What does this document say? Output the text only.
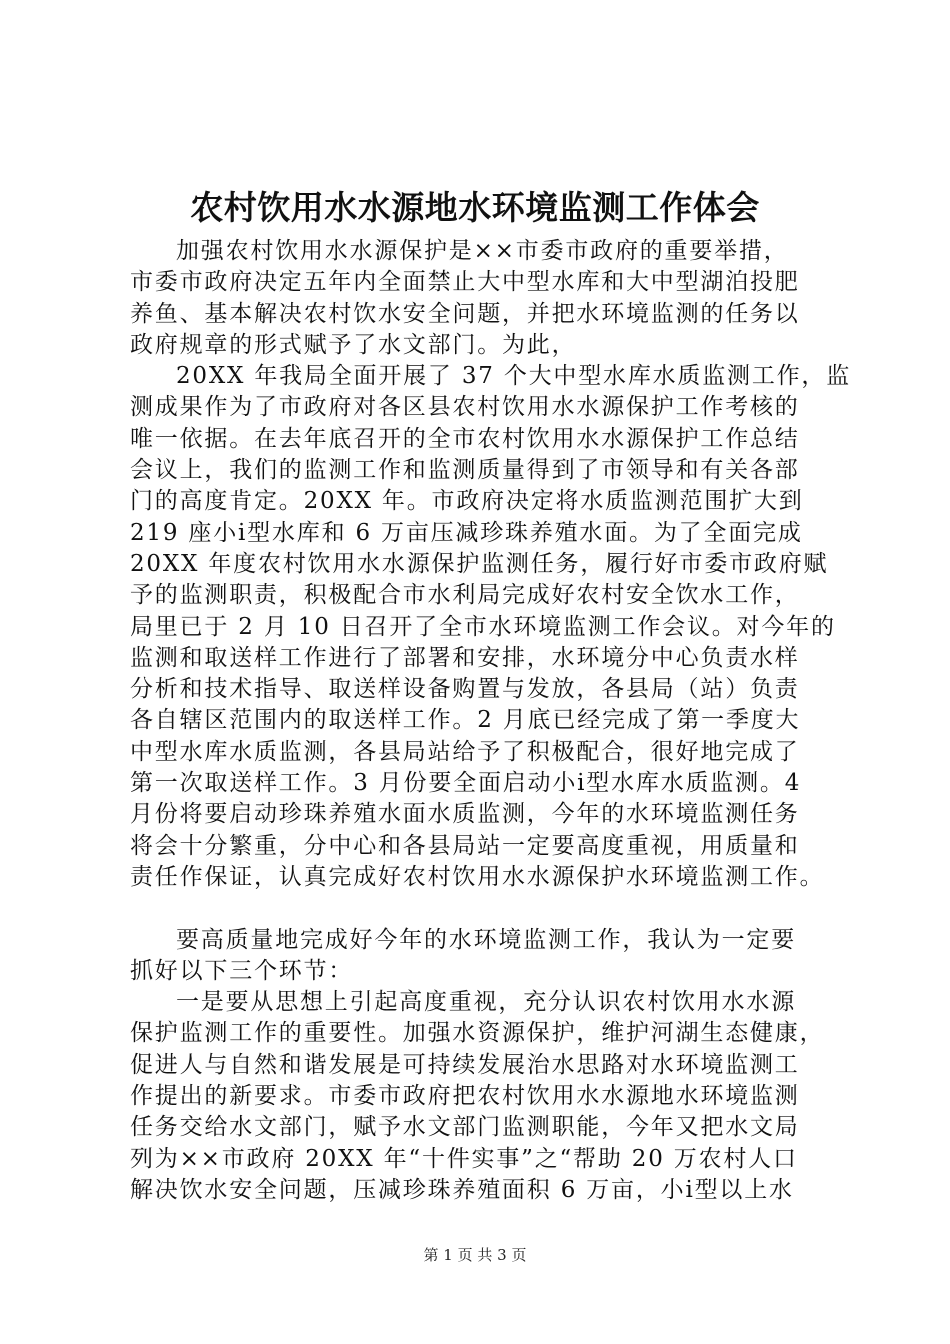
农村饮用水水源地水环境监测工作体会
加强农村饮用水水源保护是××市委市政府的重要举措，
市委市政府决定五年内全面禁止大中型水库和大中型湖泊投肥
养鱼、基本解决农村饮水安全问题，并把水环境监测的任务以
政府规章的形式赋予了水文部门。为此，
20XX 年我局全面开展了 37 个大中型水库水质监测工作，监
测成果作为了市政府对各区县农村饮用水水源保护工作考核的
唯一依据。在去年底召开的全市农村饮用水水源保护工作总结
会议上，我们的监测工作和监测质量得到了市领导和有关各部
门的高度肯定。20XX 年。市政府决定将水质监测范围扩大到
219 座小ⅰ型水库和 6 万亩压减珍珠养殖水面。为了全面完成
20XX 年度农村饮用水水源保护监测任务，履行好市委市政府赋
予的监测职责，积极配合市水利局完成好农村安全饮水工作，
局里已于 2 月 10 日召开了全市水环境监测工作会议。对今年的
监测和取送样工作进行了部署和安排，水环境分中心负责水样
分析和技术指导、取送样设备购置与发放，各县局（站）负责
各自辖区范围内的取送样工作。2 月底已经完成了第一季度大
中型水库水质监测，各县局站给予了积极配合，很好地完成了
第一次取送样工作。3 月份要全面启动小ⅰ型水库水质监测。4
月份将要启动珍珠养殖水面水质监测，今年的水环境监测任务
将会十分繁重，分中心和各县局站一定要高度重视，用质量和
责任作保证，认真完成好农村饮用水水源保护水环境监测工作。
要高质量地完成好今年的水环境监测工作，我认为一定要
抓好以下三个环节：
一是要从思想上引起高度重视，充分认识农村饮用水水源
保护监测工作的重要性。加强水资源保护，维护河湖生态健康，
促进人与自然和谐发展是可持续发展治水思路对水环境监测工
作提出的新要求。市委市政府把农村饮用水水源地水环境监测
任务交给水文部门，赋予水文部门监测职能，今年又把水文局
列为××市政府 20XX 年“十件实事”之“帮助 20 万农村人口
解决饮水安全问题，压减珍珠养殖面积 6 万亩，小ⅰ型以上水
第 1 页 共 3 页
